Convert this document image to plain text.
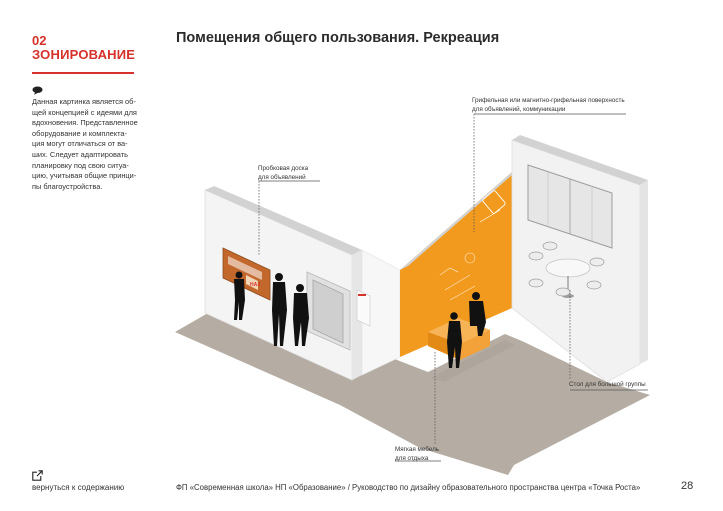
02
ЗОНИРОВАНИЕ
Помещения общего пользования. Рекреация
Данная картинка является об-
щей концепцией с идеями для
вдохновения. Представленное
оборудование и комплекта-
ция могут отличаться от ва-
ших. Следует адаптировать
планировку под свою ситуа-
цию, учитывая общие принци-
пы благоустройства.
НАЗ
Пробковая доска
для объявлений
Грифельная или магнитно-грифельная поверхность
для объявлений, коммуникации
Стол для большой группы
Мягкая мебель
для отдыха
вернуться к содержанию	ФП «Современная школа» НП «Образование» / Руководство по дизайну образовательного пространства центра «Точка Роста»	28
